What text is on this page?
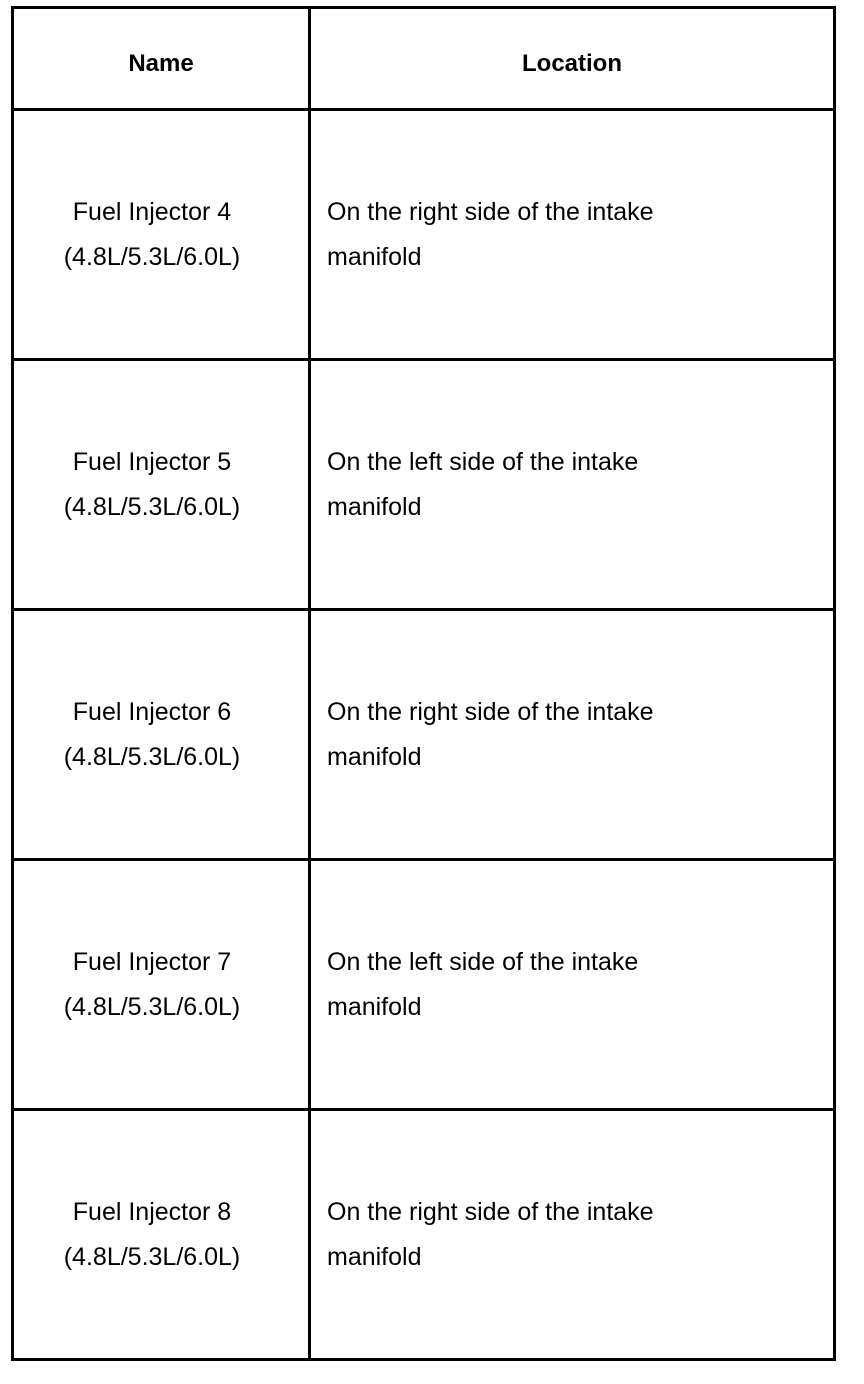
Name	Location

Fuel Injector 4
(4.8L/5.3L/6.0L)	On the right side of the intake
manifold

Fuel Injector 5
(4.8L/5.3L/6.0L)	On the left side of the intake
manifold

Fuel Injector 6
(4.8L/5.3L/6.0L)	On the right side of the intake
manifold

Fuel Injector 7
(4.8L/5.3L/6.0L)	On the left side of the intake
manifold

Fuel Injector 8
(4.8L/5.3L/6.0L)	On the right side of the intake
manifold
